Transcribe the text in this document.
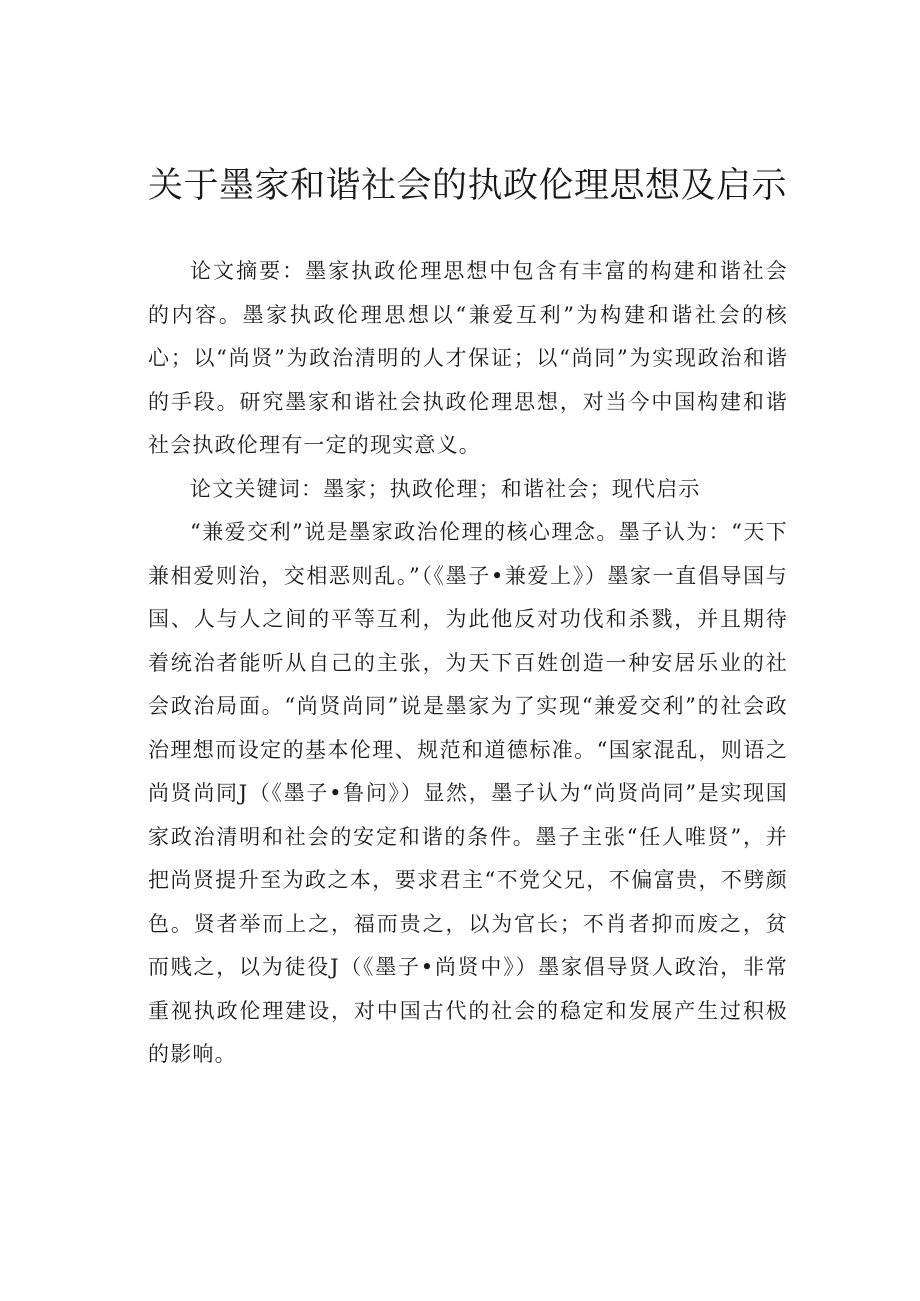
关于墨家和谐社会的执政伦理思想及启示

论文摘要：墨家执政伦理思想中包含有丰富的构建和谐社会的内容。墨家执政伦理思想以“兼爱互利”为构建和谐社会的核心；以“尚贤”为政治清明的人才保证；以“尚同”为实现政治和谐的手段。研究墨家和谐社会执政伦理思想，对当今中国构建和谐社会执政伦理有一定的现实意义。

论文关键词：墨家；执政伦理；和谐社会；现代启示

“兼爱交利”说是墨家政治伦理的核心理念。墨子认为：“天下兼相爱则治，交相恶则乱。”（《墨子•兼爱上》）墨家一直倡导国与国、人与人之间的平等互利，为此他反对功伐和杀戮，并且期待着统治者能听从自己的主张，为天下百姓创造一种安居乐业的社会政治局面。“尚贤尚同”说是墨家为了实现“兼爱交利”的社会政治理想而设定的基本伦理、规范和道德标准。“国家混乱，则语之尚贤尚同J（《墨子•鲁问》）显然，墨子认为“尚贤尚同”是实现国家政治清明和社会的安定和谐的条件。墨子主张“任人唯贤”，并把尚贤提升至为政之本，要求君主“不党父兄，不偏富贵，不劈颜色。贤者举而上之，福而贵之，以为官长；不肖者抑而废之，贫而贱之，以为徒役J（《墨子•尚贤中》）墨家倡导贤人政治，非常重视执政伦理建设，对中国古代的社会的稳定和发展产生过积极的影响。
